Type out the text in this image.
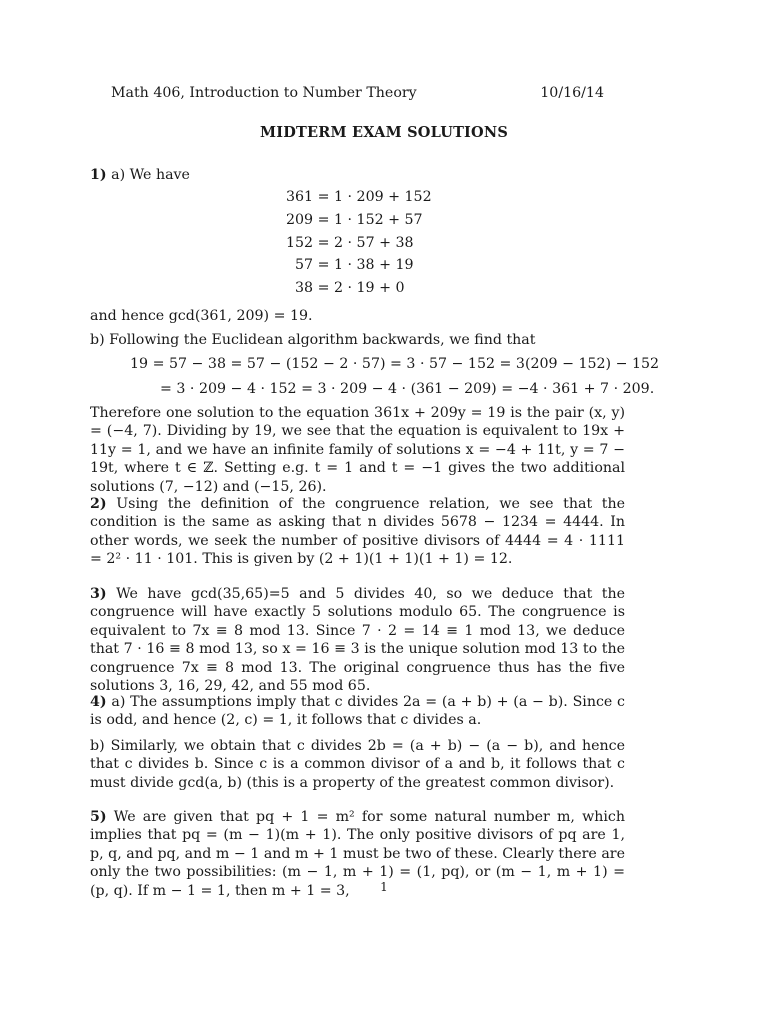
Math 406, Introduction to Number Theory	10/16/14
MIDTERM EXAM SOLUTIONS

1) a) We have

361 = 1 · 209 + 152
209 = 1 · 152 + 57
152 = 2 · 57 + 38
57 = 1 · 38 + 19
38 = 2 · 19 + 0
and hence gcd(361, 209) = 19.
b) Following the Euclidean algorithm backwards, we find that
19 = 57 − 38 = 57 − (152 − 2 · 57) = 3 · 57 − 152 = 3(209 − 152) − 152
= 3 · 209 − 4 · 152 = 3 · 209 − 4 · (361 − 209) = −4 · 361 + 7 · 209.
Therefore one solution to the equation 361x + 209y = 19 is the pair (x, y) = (−4, 7). Dividing by 19, we see that the equation is equivalent to 19x + 11y = 1, and we have an infinite family of solutions x = −4 + 11t, y = 7 − 19t, where t ∈ ℤ. Setting e.g. t = 1 and t = −1 gives the two additional solutions (7, −12) and (−15, 26).

2) Using the definition of the congruence relation, we see that the condition is the same as asking that n divides 5678 − 1234 = 4444. In other words, we seek the number of positive divisors of 4444 = 4 · 1111 = 2² · 11 · 101. This is given by (2 + 1)(1 + 1)(1 + 1) = 12.

3) We have gcd(35,65)=5 and 5 divides 40, so we deduce that the congruence will have exactly 5 solutions modulo 65. The congruence is equivalent to 7x ≡ 8 mod 13. Since 7 · 2 = 14 ≡ 1 mod 13, we deduce that 7 · 16 ≡ 8 mod 13, so x = 16 ≡ 3 is the unique solution mod 13 to the congruence 7x ≡ 8 mod 13. The original congruence thus has the five solutions 3, 16, 29, 42, and 55 mod 65.

4) a) The assumptions imply that c divides 2a = (a + b) + (a − b). Since c is odd, and hence (2, c) = 1, it follows that c divides a.

b) Similarly, we obtain that c divides 2b = (a + b) − (a − b), and hence that c divides b. Since c is a common divisor of a and b, it follows that c must divide gcd(a, b) (this is a property of the greatest common divisor).

5) We are given that pq + 1 = m² for some natural number m, which implies that pq = (m − 1)(m + 1). The only positive divisors of pq are 1, p, q, and pq, and m − 1 and m + 1 must be two of these. Clearly there are only the two possibilities: (m − 1, m + 1) = (1, pq), or (m − 1, m + 1) = (p, q). If m − 1 = 1, then m + 1 = 3,	1
